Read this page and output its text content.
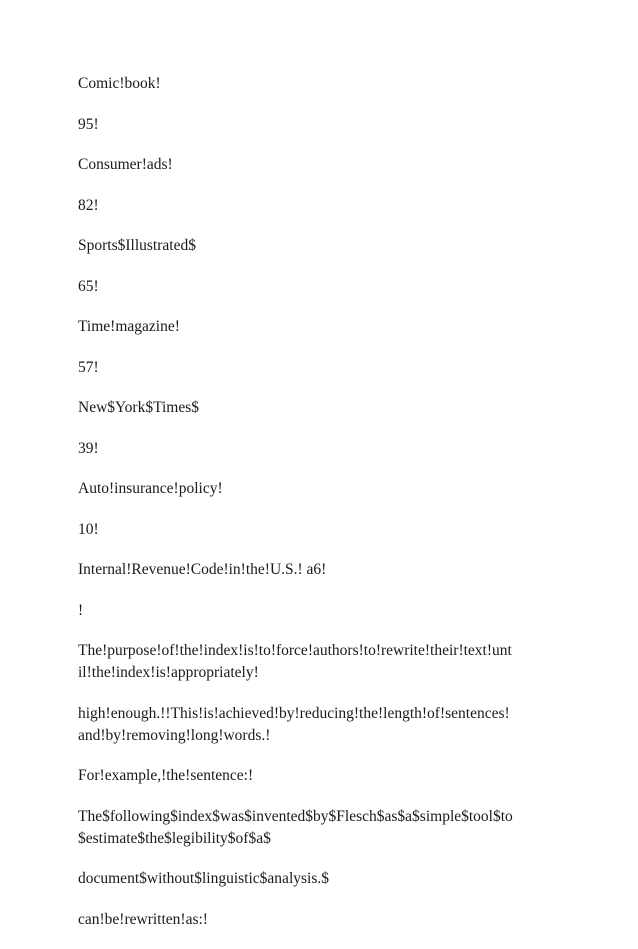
Comic!book!

95!

Consumer!ads!

82!

Sports$Illustrated$

65!

Time!magazine!

57!

New$York$Times$

39!

Auto!insurance!policy!

10!

Internal!Revenue!Code!in!the!U.S.! a6!

!

The!purpose!of!the!index!is!to!force!authors!to!rewrite!their!text!unt
il!the!index!is!appropriately!

high!enough.!!This!is!achieved!by!reducing!the!length!of!sentences!
and!by!removing!long!words.!

For!example,!the!sentence:!

The$following$index$was$invented$by$Flesch$as$a$simple$tool$to
$estimate$the$legibility$of$a$

document$without$linguistic$analysis.$

can!be!rewritten!as:!
